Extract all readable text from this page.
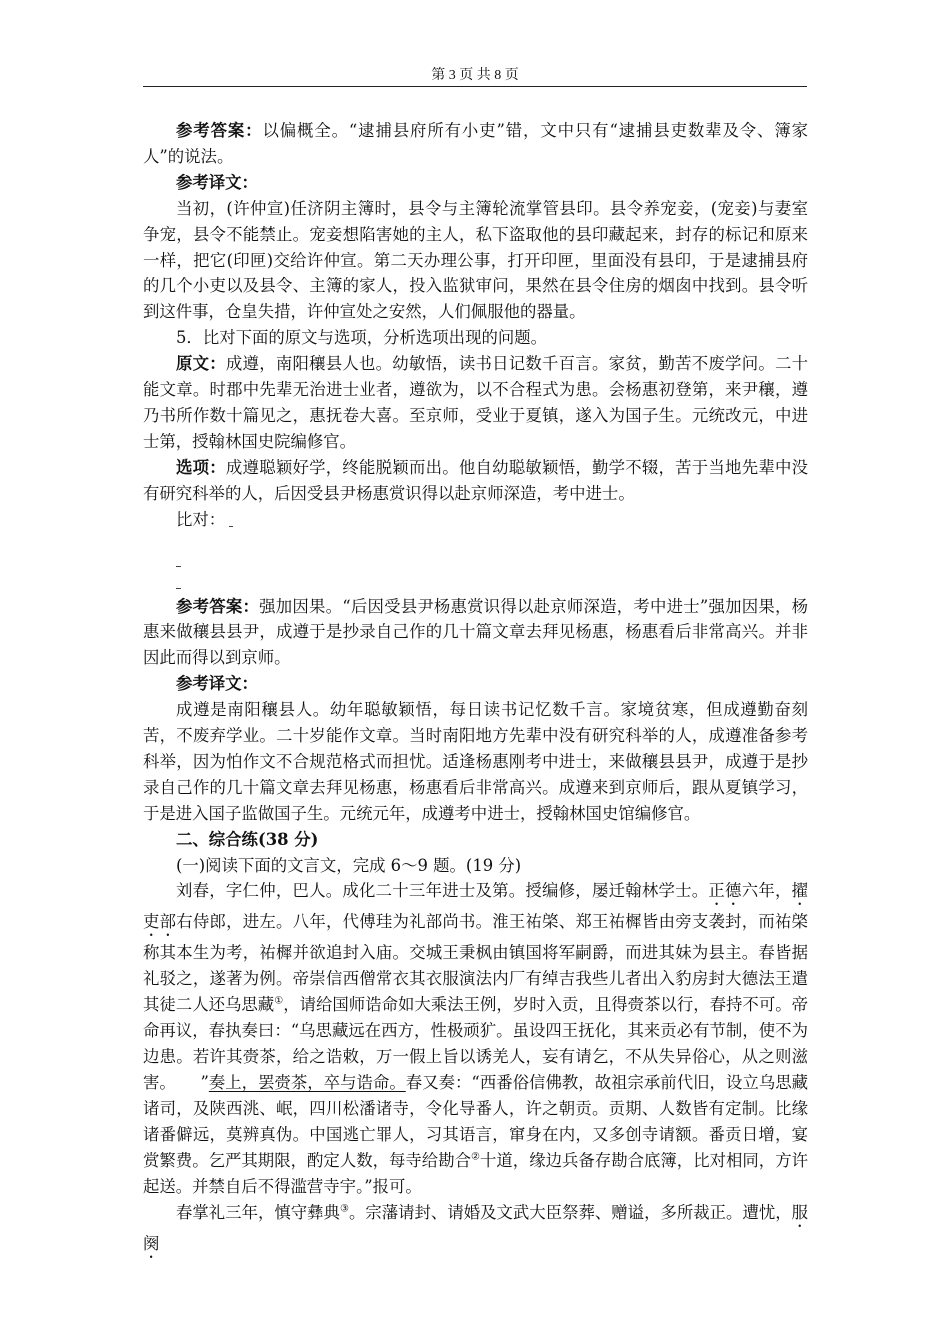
第 3 页 共 8 页

参考答案：以偏概全。“逮捕县府所有小吏”错，文中只有“逮捕县吏数辈及令、簿家人”的说法。

参考译文：

当初，(许仲宣)任济阴主簿时，县令与主簿轮流掌管县印。县令养宠妾，(宠妾)与妻室争宠，县令不能禁止。宠妾想陷害她的主人，私下盗取他的县印藏起来，封存的标记和原来一样，把它(印匣)交给许仲宣。第二天办理公事，打开印匣，里面没有县印，于是逮捕县府的几个小吏以及县令、主簿的家人，投入监狱审问，果然在县令住房的烟囱中找到。县令听到这件事，仓皇失措，许仲宣处之安然，人们佩服他的器量。

5．比对下面的原文与选项，分析选项出现的问题。

原文：成遵，南阳穰县人也。幼敏悟，读书日记数千百言。家贫，勤苦不废学问。二十能文章。时郡中先辈无治进士业者，遵欲为，以不合程式为患。会杨惠初登第，来尹穰，遵乃书所作数十篇见之，惠抚卷大喜。至京师，受业于夏镇，遂入为国子生。元统改元，中进士第，授翰林国史院编修官。

选项：成遵聪颖好学，终能脱颖而出。他自幼聪敏颖悟，勤学不辍，苦于当地先辈中没有研究科举的人，后因受县尹杨惠赏识得以赴京师深造，考中进士。

比对：

参考答案：强加因果。“后因受县尹杨惠赏识得以赴京师深造，考中进士”强加因果，杨惠来做穰县县尹，成遵于是抄录自己作的几十篇文章去拜见杨惠，杨惠看后非常高兴。并非因此而得以到京师。

参考译文：

成遵是南阳穰县人。幼年聪敏颖悟，每日读书记忆数千言。家境贫寒，但成遵勤奋刻苦，不废弃学业。二十岁能作文章。当时南阳地方先辈中没有研究科举的人，成遵准备参考科举，因为怕作文不合规范格式而担忧。适逢杨惠刚考中进士，来做穰县县尹，成遵于是抄录自己作的几十篇文章去拜见杨惠，杨惠看后非常高兴。成遵来到京师后，跟从夏镇学习，于是进入国子监做国子生。元统元年，成遵考中进士，授翰林国史馆编修官。

二、综合练(38 分)

(一)阅读下面的文言文，完成 6～9 题。(19 分)

刘春，字仁仲，巴人。成化二十三年进士及第。授编修，屡迁翰林学士。正德六年，擢吏部右侍郎，进左。八年，代傅珪为礼部尚书。淮王祐棨、郑王祐樨皆由旁支袭封，而祐棨称其本生为考，祐樨并欲追封入庙。交城王秉枫由镇国将军嗣爵，而进其妹为县主。春皆据礼驳之，遂著为例。帝崇信西僧常衣其衣服演法内厂有绰吉我些儿者出入豹房封大德法王遣其徒二人还乌思藏①，请给国师诰命如大乘法王例，岁时入贡，且得赍茶以行，春持不可。帝命再议，春执奏曰：“乌思藏远在西方，性极顽犷。虽设四王抚化，其来贡必有节制，使不为边患。若许其赍茶，给之诰敕，万一假上旨以诱羌人，妄有请乞，不从失异俗心，从之则滋害。　　”奏上，罢赍茶，卒与诰命。春又奏：“西番俗信佛教，故祖宗承前代旧，设立乌思藏诸司，及陕西洮、岷，四川松潘诸寺，令化导番人，许之朝贡。贡期、人数皆有定制。比缘诸番僻远，莫辨真伪。中国逃亡罪人，习其语言，窜身在内，又多创寺请额。番贡日增，宴赏繁费。乞严其期限，酌定人数，每寺给勘合②十道，缘边兵备存勘合底簿，比对相同，方许起送。并禁自后不得滥营寺宇。”报可。

春掌礼三年，慎守彝典③。宗藩请封、请婚及文武大臣祭葬、赠谥，多所裁正。遭忧，服阕
